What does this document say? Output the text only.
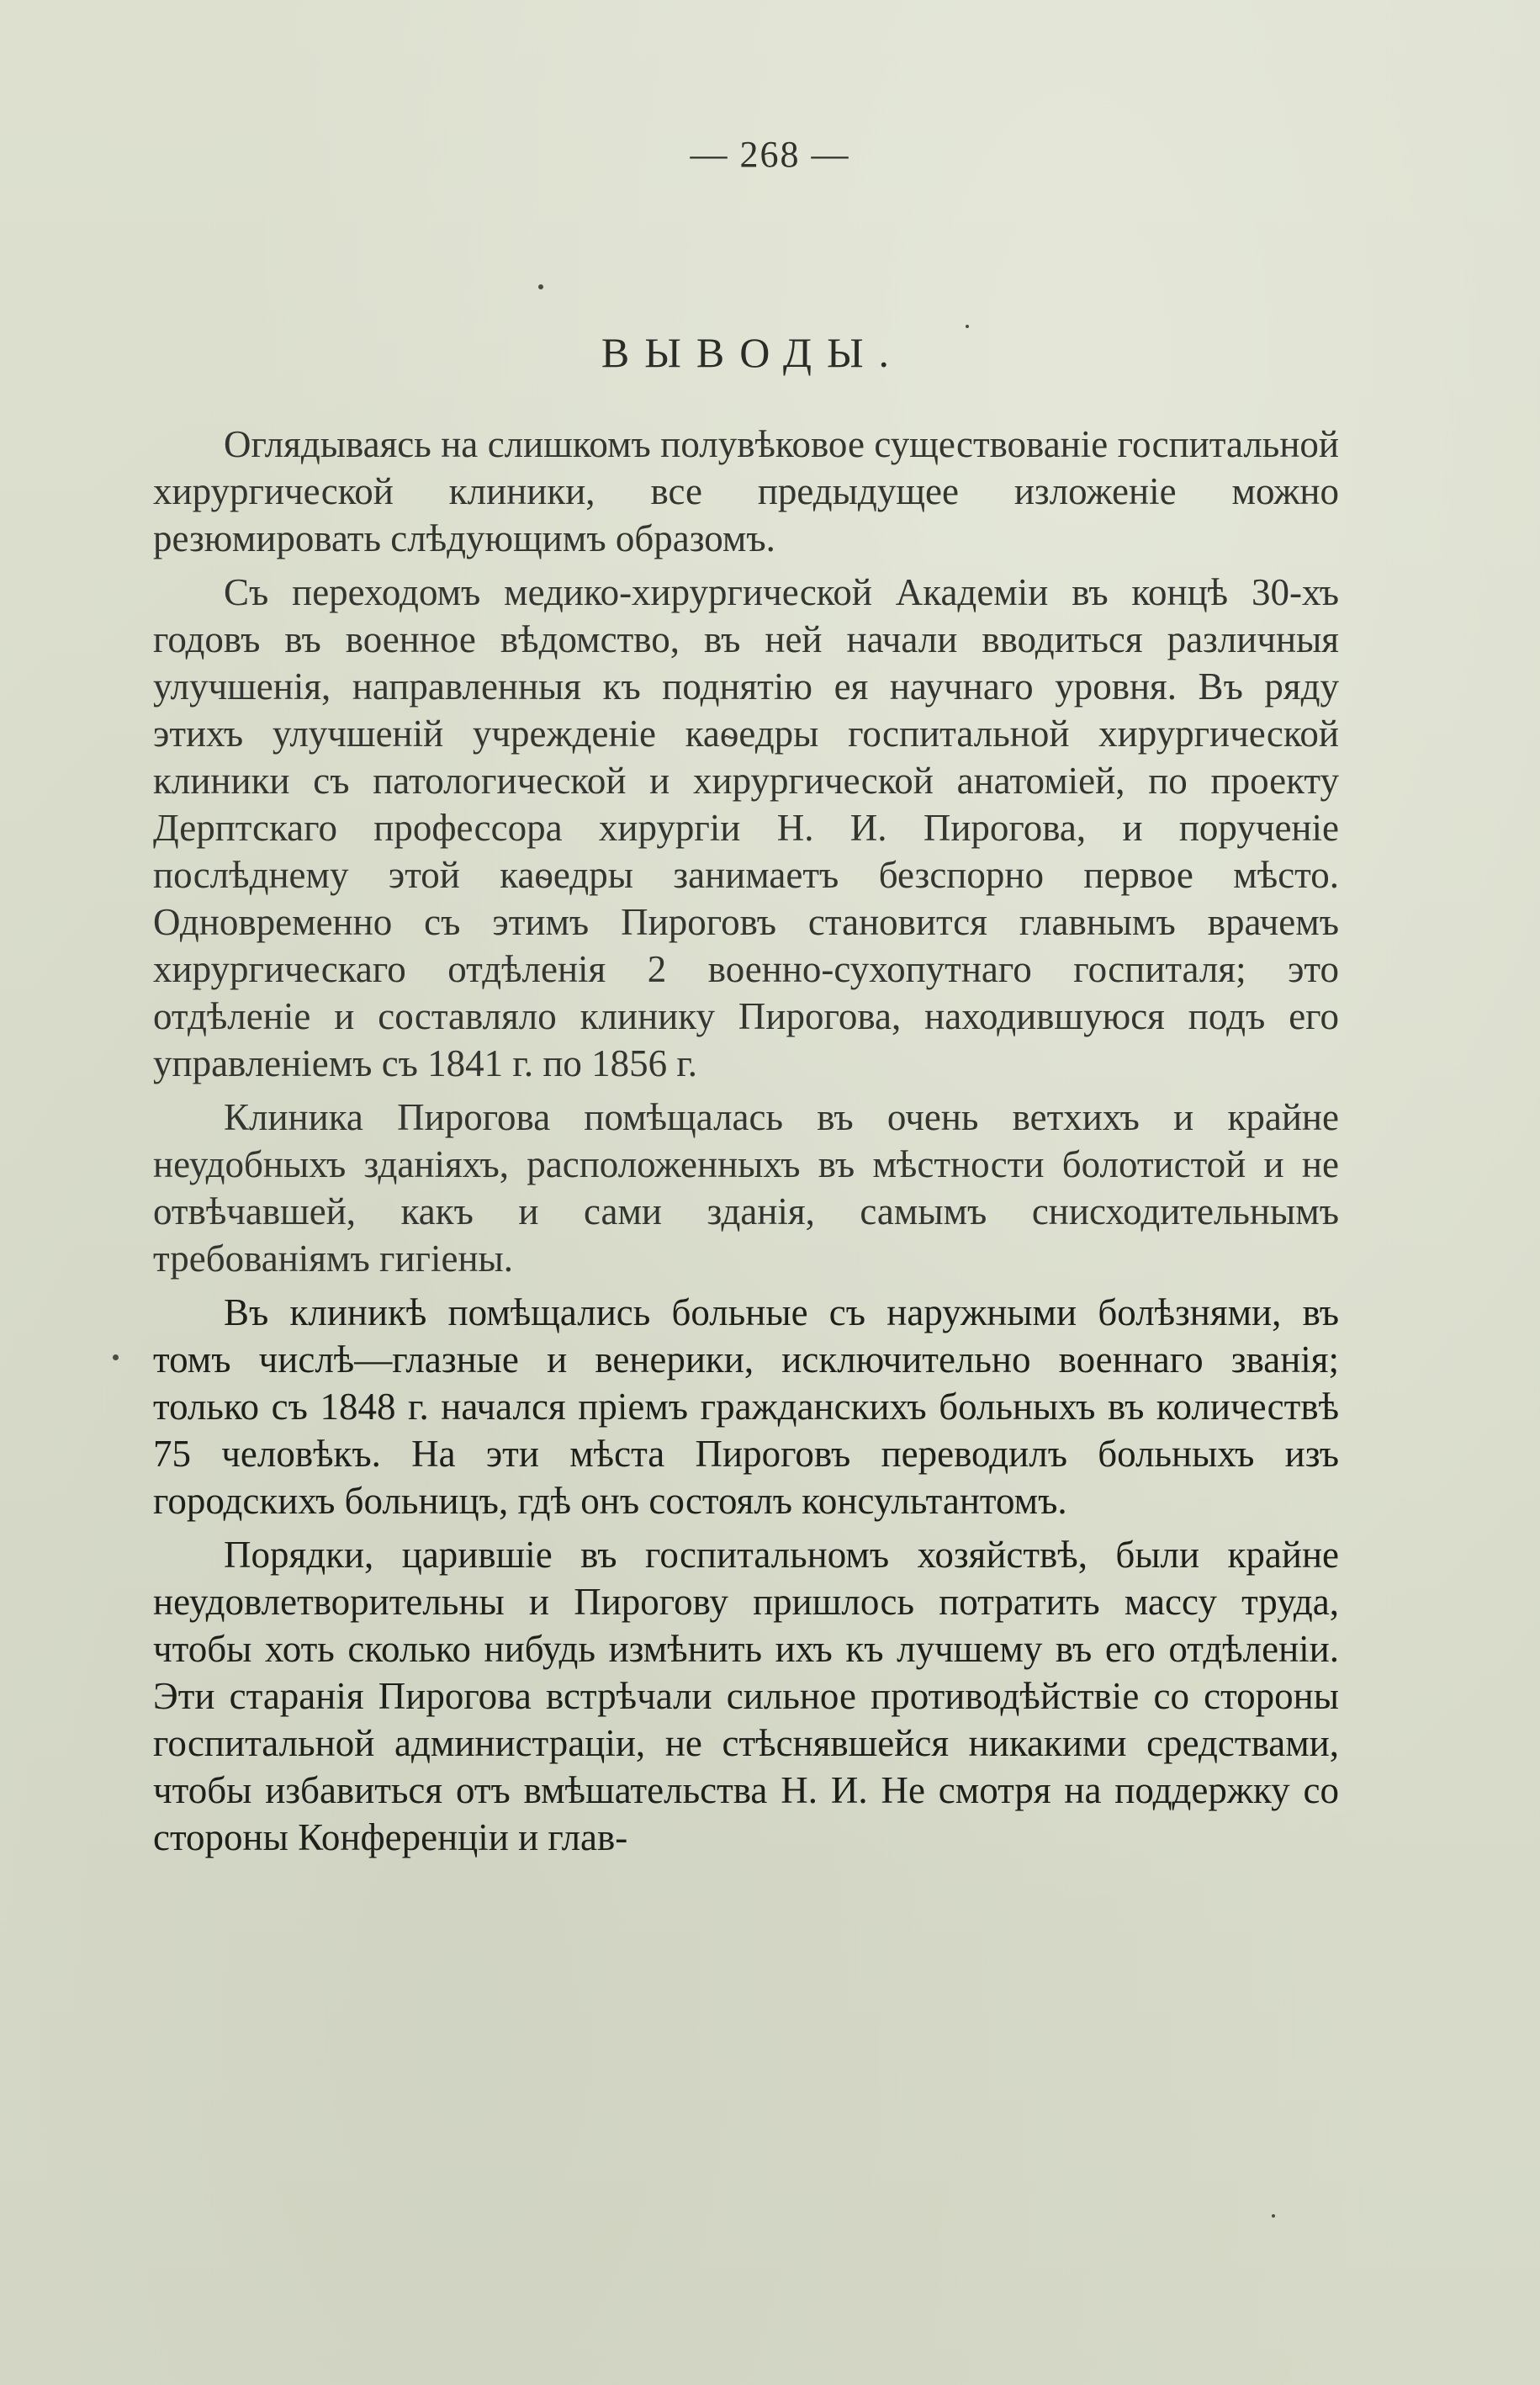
— 268 —
ВЫВОДЫ.

Оглядываясь на слишкомъ полувѣковое существованіе госпитальной хирургической клиники, все предыдущее изложеніе можно резюмировать слѣдующимъ образомъ.

Съ переходомъ медико-хирургической Академіи въ концѣ 30-хъ годовъ въ военное вѣдомство, въ ней начали вводиться различныя улучшенія, направленныя къ поднятію ея научнаго уровня. Въ ряду этихъ улучшеній учрежденіе каѳедры госпитальной хирургической клиники съ патологической и хирургической анатоміей, по проекту Дерптскаго профессора хирургіи Н. И. Пирогова, и порученіе послѣднему этой каѳедры занимаетъ безспорно первое мѣсто. Одновременно съ этимъ Пироговъ становится главнымъ врачемъ хирургическаго отдѣленія 2 военно-сухопутнаго госпиталя; это отдѣленіе и составляло клинику Пирогова, находившуюся подъ его управленіемъ съ 1841 г. по 1856 г.

Клиника Пирогова помѣщалась въ очень ветхихъ и крайне неудобныхъ зданіяхъ, расположенныхъ въ мѣстности болотистой и не отвѣчавшей, какъ и сами зданія, самымъ снисходительнымъ требованіямъ гигіены.

Въ клиникѣ помѣщались больные съ наружными болѣзнями, въ томъ числѣ—глазные и венерики, исключительно военнаго званія; только съ 1848 г. начался пріемъ гражданскихъ больныхъ въ количествѣ 75 человѣкъ. На эти мѣста Пироговъ переводилъ больныхъ изъ городскихъ больницъ, гдѣ онъ состоялъ консультантомъ.

Порядки, царившіе въ госпитальномъ хозяйствѣ, были крайне неудовлетворительны и Пирогову пришлось потратить массу труда, чтобы хоть сколько нибудь измѣнить ихъ къ лучшему въ его отдѣленіи. Эти старанія Пирогова встрѣчали сильное противодѣйствіе со стороны госпитальной администраціи, не стѣснявшейся никакими средствами, чтобы избавиться отъ вмѣшательства Н. И. Не смотря на поддержку со стороны Конференціи и глав-
